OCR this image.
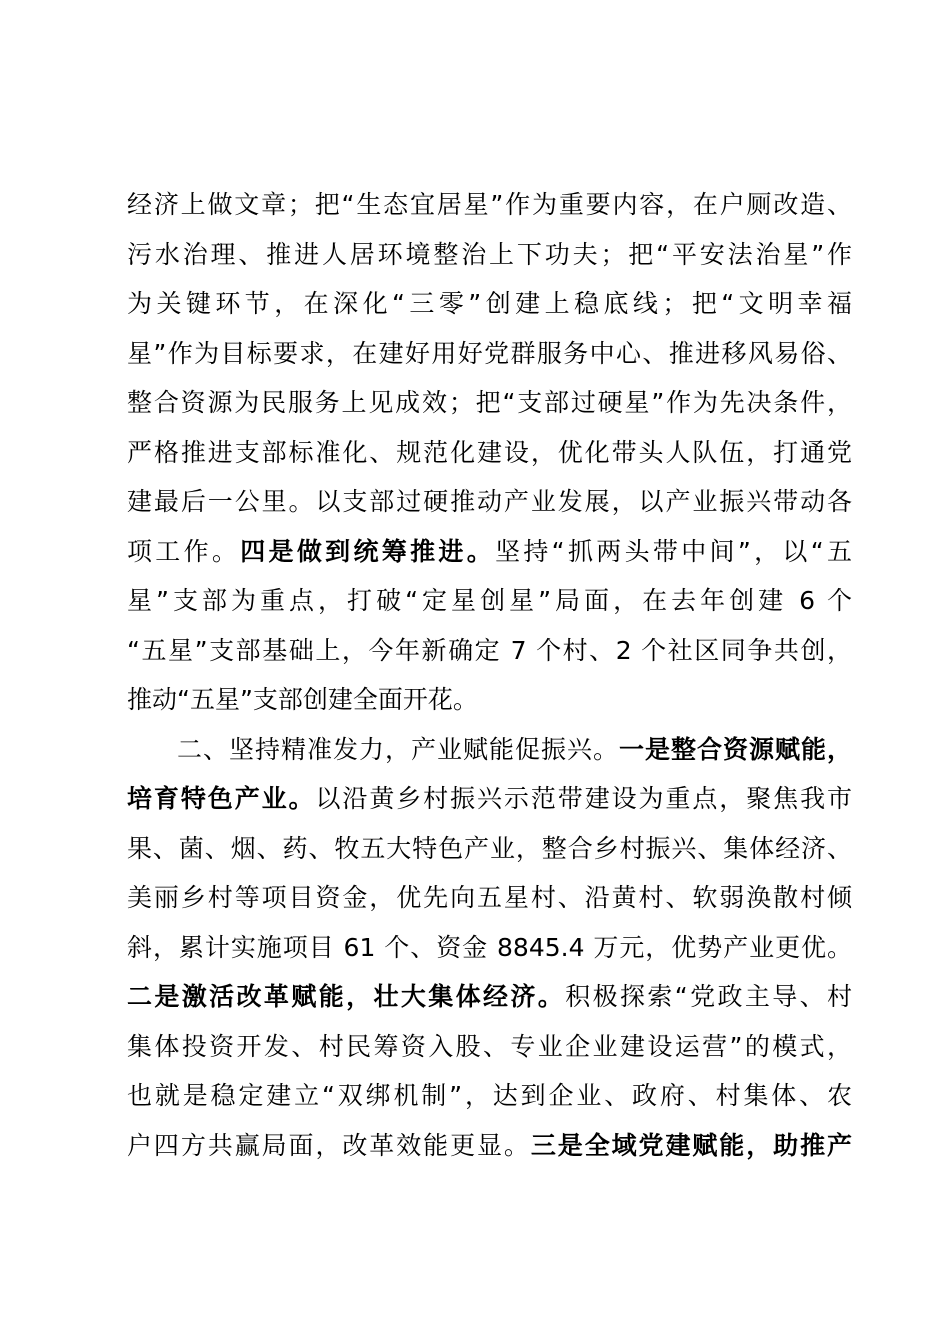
经济上做文章；把“生态宜居星”作为重要内容，在户厕改造、
污水治理、推进人居环境整治上下功夫；把“平安法治星”作
为关键环节，在深化“三零”创建上稳底线；把“文明幸福
星”作为目标要求，在建好用好党群服务中心、推进移风易俗、
整合资源为民服务上见成效；把“支部过硬星”作为先决条件，
严格推进支部标准化、规范化建设，优化带头人队伍，打通党
建最后一公里。以支部过硬推动产业发展，以产业振兴带动各
项工作。四是做到统筹推进。坚持“抓两头带中间”，以“五
星”支部为重点，打破“定星创星”局面，在去年创建 6 个
“五星”支部基础上，今年新确定 7 个村、2 个社区同争共创，
推动“五星”支部创建全面开花。
二、坚持精准发力，产业赋能促振兴。一是整合资源赋能，
培育特色产业。以沿黄乡村振兴示范带建设为重点，聚焦我市
果、菌、烟、药、牧五大特色产业，整合乡村振兴、集体经济、
美丽乡村等项目资金，优先向五星村、沿黄村、软弱涣散村倾
斜，累计实施项目 61 个、资金 8845.4 万元，优势产业更优。
二是激活改革赋能，壮大集体经济。积极探索“党政主导、村
集体投资开发、村民筹资入股、专业企业建设运营”的模式，
也就是稳定建立“双绑机制”，达到企业、政府、村集体、农
户四方共赢局面，改革效能更显。三是全域党建赋能，助推产
